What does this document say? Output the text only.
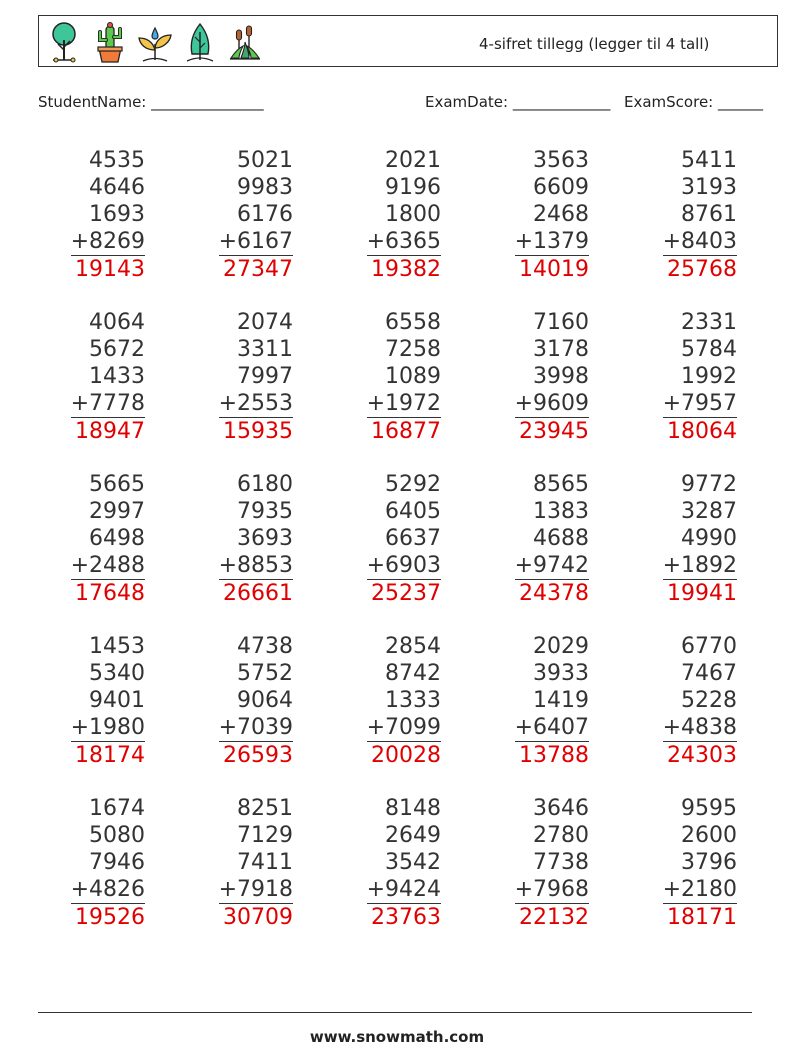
4-sifret tillegg (legger til 4 tall)
StudentName: _______________	ExamDate: _____________ ExamScore: ______
4535
4646
1693
+8269
19143
5021
9983
6176
+6167
27347
2021
9196
1800
+6365
19382
3563
6609
2468
+1379
14019
5411
3193
8761
+8403
25768
4064
5672
1433
+7778
18947
2074
3311
7997
+2553
15935
6558
7258
1089
+1972
16877
7160
3178
3998
+9609
23945
2331
5784
1992
+7957
18064
5665
2997
6498
+2488
17648
6180
7935
3693
+8853
26661
5292
6405
6637
+6903
25237
8565
1383
4688
+9742
24378
9772
3287
4990
+1892
19941
1453
5340
9401
+1980
18174
4738
5752
9064
+7039
26593
2854
8742
1333
+7099
20028
2029
3933
1419
+6407
13788
6770
7467
5228
+4838
24303
1674
5080
7946
+4826
19526
8251
7129
7411
+7918
30709
8148
2649
3542
+9424
23763
3646
2780
7738
+7968
22132
9595
2600
3796
+2180
18171
www.snowmath.com
